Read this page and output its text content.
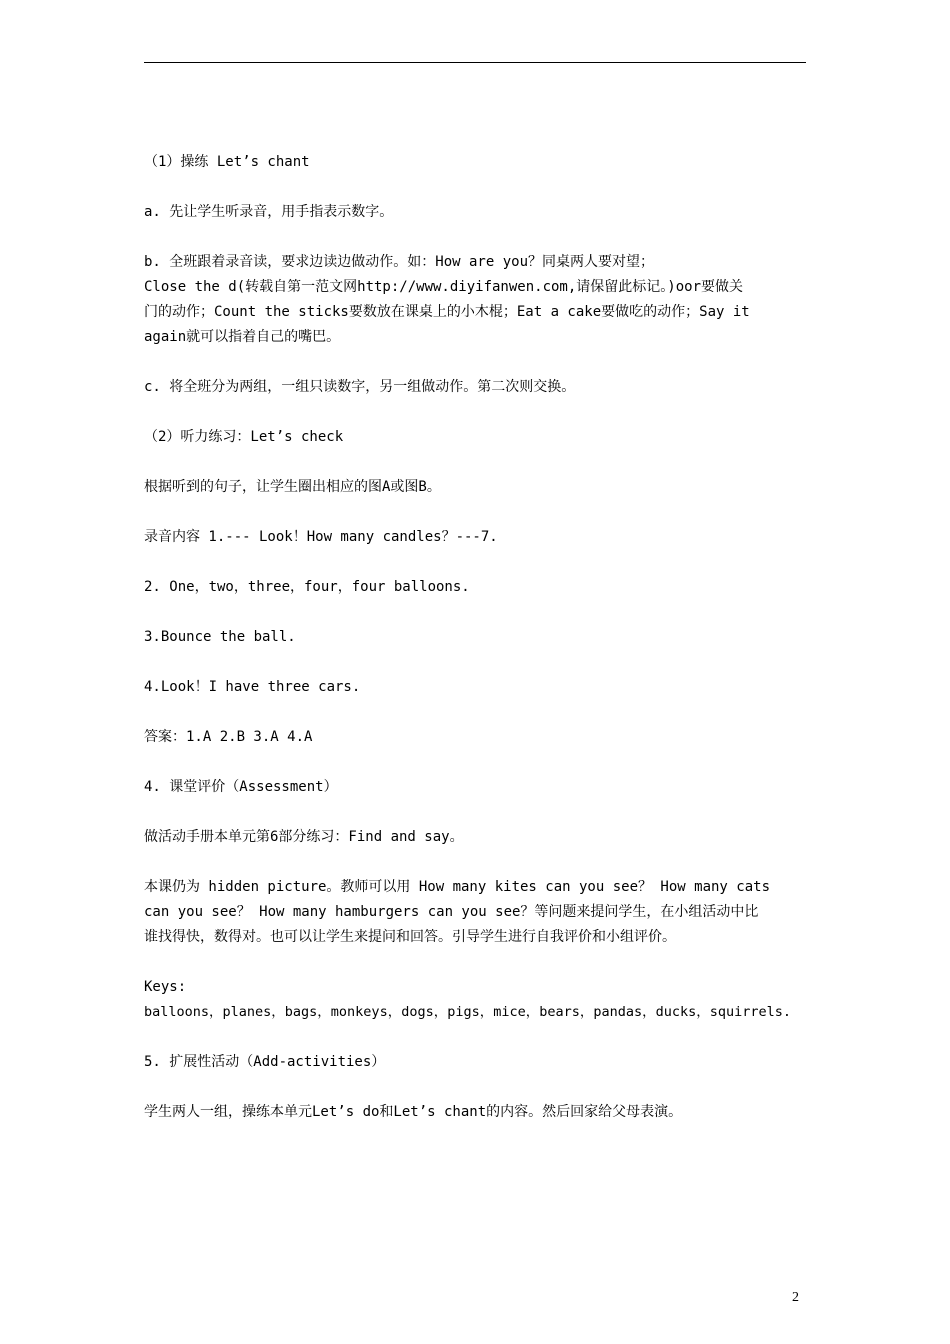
（1）操练 Let’s chant

a. 先让学生听录音，用手指表示数字。

b. 全班跟着录音读，要求边读边做动作。如：How are you？同桌两人要对望；
Close the d(转载自第一范文网http://www.diyifanwen.com,请保留此标记。)oor要做关
门的动作；Count the sticks要数放在课桌上的小木棍；Eat a cake要做吃的动作；Say it
again就可以指着自己的嘴巴。

c. 将全班分为两组，一组只读数字，另一组做动作。第二次则交换。

（2）听力练习：Let’s check

根据听到的句子，让学生圈出相应的图A或图B。

录音内容 1.--- Look！How many candles？---7.

2. One，two，three，four，four balloons.

3.Bounce the ball.

4.Look！I have three cars.

答案：1.A 2.B 3.A 4.A

4. 课堂评价（Assessment）

做活动手册本单元第6部分练习：Find and say。

本课仍为 hidden picture。教师可以用 How many kites can you see？ How many cats
can you see？ How many hamburgers can you see？等问题来提问学生，在小组活动中比
谁找得快，数得对。也可以让学生来提问和回答。引导学生进行自我评价和小组评价。

Keys:
balloons，planes，bags，monkeys，dogs，pigs，mice，bears，pandas，ducks，squirrels.

5. 扩展性活动（Add-activities）

学生两人一组，操练本单元Let’s do和Let’s chant的内容。然后回家给父母表演。

2
